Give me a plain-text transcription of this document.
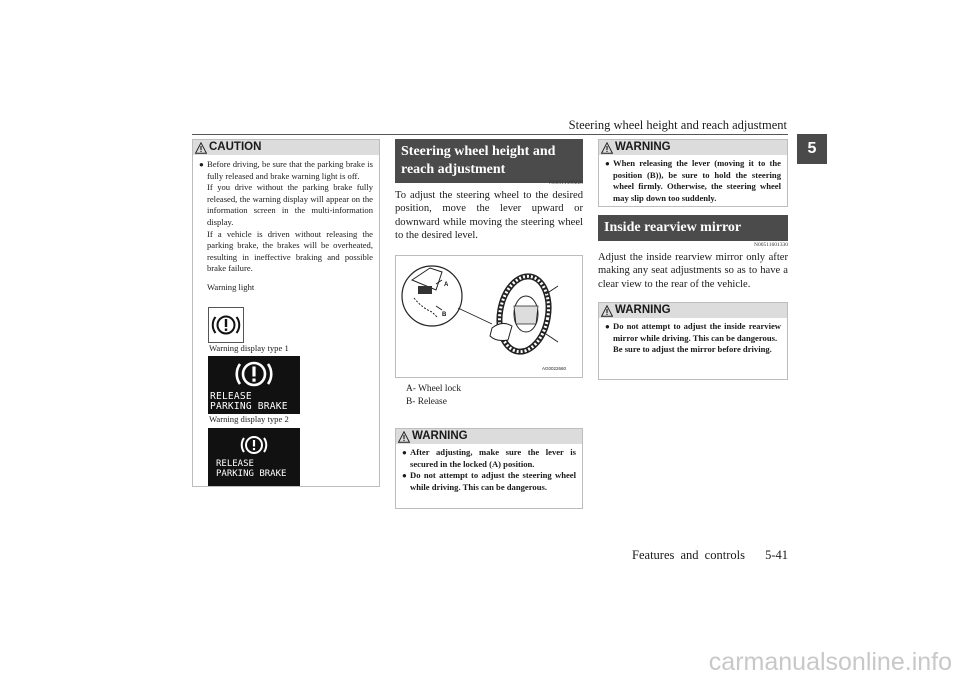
Steering wheel height and reach adjustment
5
CAUTION
● Before driving, be sure that the parking brake is fully released and brake warning light is off.
If you drive without the parking brake fully released, the warning display will appear on the information screen in the multi-information display.
If a vehicle is driven without releasing the parking brake, the brakes will be overheated, resulting in ineffective braking and possible brake failure.
Warning light
Warning display type 1
RELEASE PARKING BRAKE
Warning display type 2
RELEASE PARKING BRAKE
Steering wheel height and reach adjustment
N00511500228
To adjust the steering wheel to the desired position, move the lever upward or downward while moving the steering wheel to the desired level.
A
B
AG0022660
A- Wheel lock
B- Release
WARNING
● After adjusting, make sure the lever is secured in the locked (A) position.
● Do not attempt to adjust the steering wheel while driving. This can be dangerous.
WARNING
● When releasing the lever (moving it to the position (B)), be sure to hold the steering wheel firmly. Otherwise, the steering wheel may slip down too suddenly.
Inside rearview mirror
N00511601330
Adjust the inside rearview mirror only after making any seat adjustments so as to have a clear view to the rear of the vehicle.
WARNING
● Do not attempt to adjust the inside rearview mirror while driving. This can be dangerous.
Be sure to adjust the mirror before driving.
Features and controls 5-41
carmanualsonline.info
